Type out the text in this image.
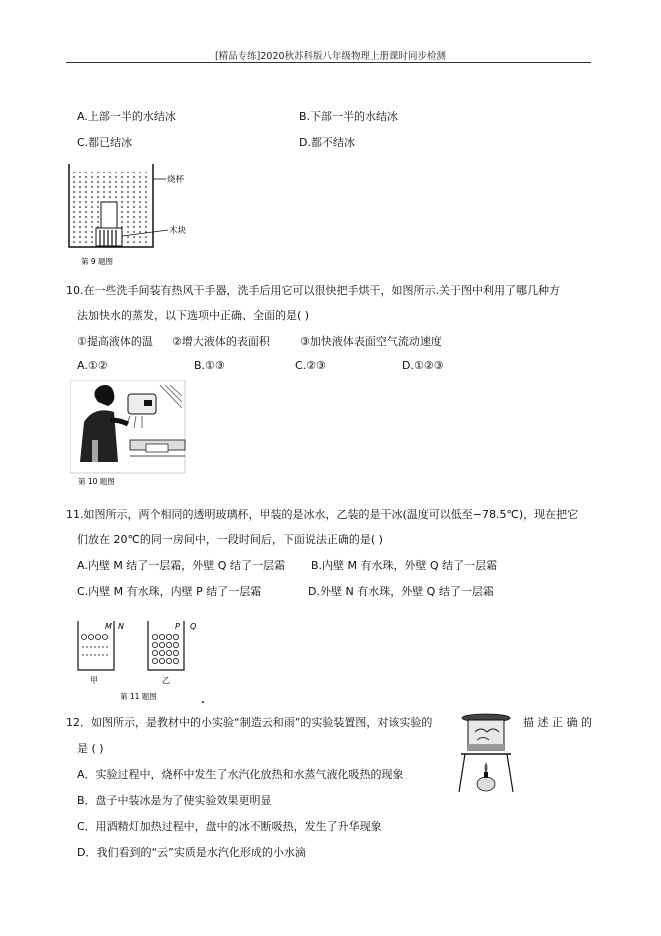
[精品专练]2020秋苏科版八年级物理上册课时同步检测
A.上部一半的水结冰	B.下部一半的水结冰
C.都已结冰	D.都不结冰
烧杯
木块
第 9 题图
10.在一些洗手间装有热风干手器，洗手后用它可以很快把手烘干，如图所示.关于图中利用了哪几种方
法加快水的蒸发，以下选项中正确、全面的是( )
①提高液体的温 ②增大液体的表面积	③加快液体表面空气流动速度
A.①②	B.①③	C.②③	D.①②③
第 10 题图
11.如图所示，两个相同的透明玻璃杯，甲装的是冰水，乙装的是干冰(温度可以低至−78.5℃)，现在把它
们放在 20℃的同一房间中，一段时间后，下面说法正确的是( )
A.内壁 M 结了一层霜，外壁 Q 结了一层霜 B.内壁 M 有水珠，外壁 Q 结了一层霜
C.内壁 M 有水珠，内壁 P 结了一层霜	D.外壁 N 有水珠，外壁 Q 结了一层霜
M N
甲
P Q
乙
第 11 题图
12．如图所示，是教材中的小实验“制造云和雨”的实验装置图，对该实验的	描 述 正 确 的
是 ( )
A．实验过程中，烧杯中发生了水汽化放热和水蒸气液化吸热的现象
B．盘子中装冰是为了使实验效果更明显
C．用酒精灯加热过程中，盘中的冰不断吸热，发生了升华现象
D．我们看到的“云”实质是水汽化形成的小水滴
